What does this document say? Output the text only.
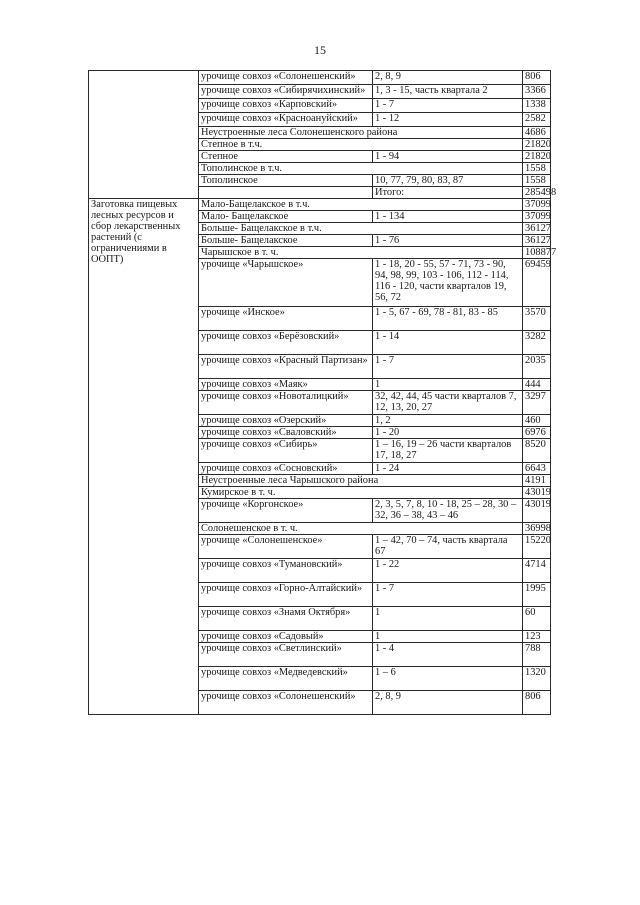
15
	урочище совхоз «Солонешенский»	2, 8, 9	806
	урочище совхоз «Сибирячихинский»	1, 3 - 15, часть квартала 2	3366
	урочище совхоз «Карповский»	1 - 7	1338
	урочище совхоз «Красноануйский»	1 - 12	2582
	Неустроенные леса Солонешенского района		4686
	Степное в т.ч.		21820
	Степное	1 - 94	21820
	Тополинское в т.ч.		1558
	Тополинское	10, 77, 79, 80, 83, 87	1558
		Итого:	285498
Заготовка пищевых лесных ресурсов и сбор лекарственных растений (с ограничениями в ООПТ)	Мало-Бащелакское в т.ч.		37099
	Мало- Бащелакское	1 - 134	37099
	Больше- Бащелакское в т.ч.		36127
	Больше- Бащелакское	1 - 76	36127
	Чарышское в т. ч.		108877
	урочище «Чарышское»	1 - 18, 20 - 55, 57 - 71, 73 - 90, 94, 98, 99, 103 - 106, 112 - 114, 116 - 120, части кварталов 19, 56, 72	69459
	урочище «Инское»	1 - 5, 67 - 69, 78 - 81, 83 - 85	3570
	урочище совхоз «Берёзовский»	1 - 14	3282
	урочище совхоз «Красный Партизан»	1 - 7	2035
	урочище совхоз «Маяк»	1	444
	урочище совхоз «Новоталицкий»	32, 42, 44, 45 части кварталов 7, 12, 13, 20, 27	3297
	урочище совхоз «Озерский»	1, 2	460
	урочище совхоз «Сваловский»	1 - 20	6976
	урочище совхоз «Сибирь»	1 – 16, 19 – 26 части кварталов 17, 18, 27	8520
	урочище совхоз «Сосновский»	1 - 24	6643
	Неустроенные леса Чарышского района		4191
	Кумирское в т. ч.		43019
	урочище «Коргонское»	2, 3, 5, 7, 8, 10 - 18, 25 – 28, 30 – 32, 36 – 38, 43 – 46	43019
	Солонешенское в т. ч.		36998
	урочище «Солонешенское»	1 – 42, 70 – 74, часть квартала 67	15220
	урочище совхоз «Тумановский»	1 - 22	4714
	урочище совхоз «Горно-Алтайский»	1 - 7	1995
	урочище совхоз «Знамя Октября»	1	60
	урочище совхоз «Садовый»	1	123
	урочище совхоз «Светлинский»	1 - 4	788
	урочище совхоз «Медведевский»	1 – 6	1320
	урочище совхоз «Солонешенский»	2, 8, 9	806
